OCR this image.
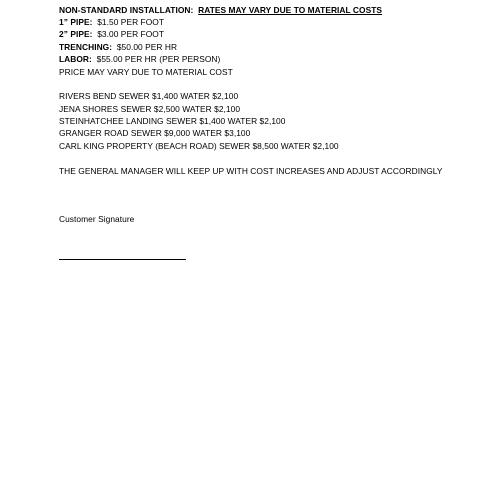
NON-STANDARD INSTALLATION: RATES MAY VARY DUE TO MATERIAL COSTS
1” PIPE: $1.50 PER FOOT
2” PIPE: $3.00 PER FOOT
TRENCHING: $50.00 PER HR
LABOR: $55.00 PER HR (PER PERSON)
PRICE MAY VARY DUE TO MATERIAL COST
RIVERS BEND SEWER $1,400 WATER $2,100
JENA SHORES SEWER $2,500 WATER $2,100
STEINHATCHEE LANDING SEWER $1,400 WATER $2,100
GRANGER ROAD SEWER $9,000 WATER $3,100
CARL KING PROPERTY (BEACH ROAD) SEWER $8,500 WATER $2,100
THE GENERAL MANAGER WILL KEEP UP WITH COST INCREASES AND ADJUST ACCORDINGLY
Customer Signature
